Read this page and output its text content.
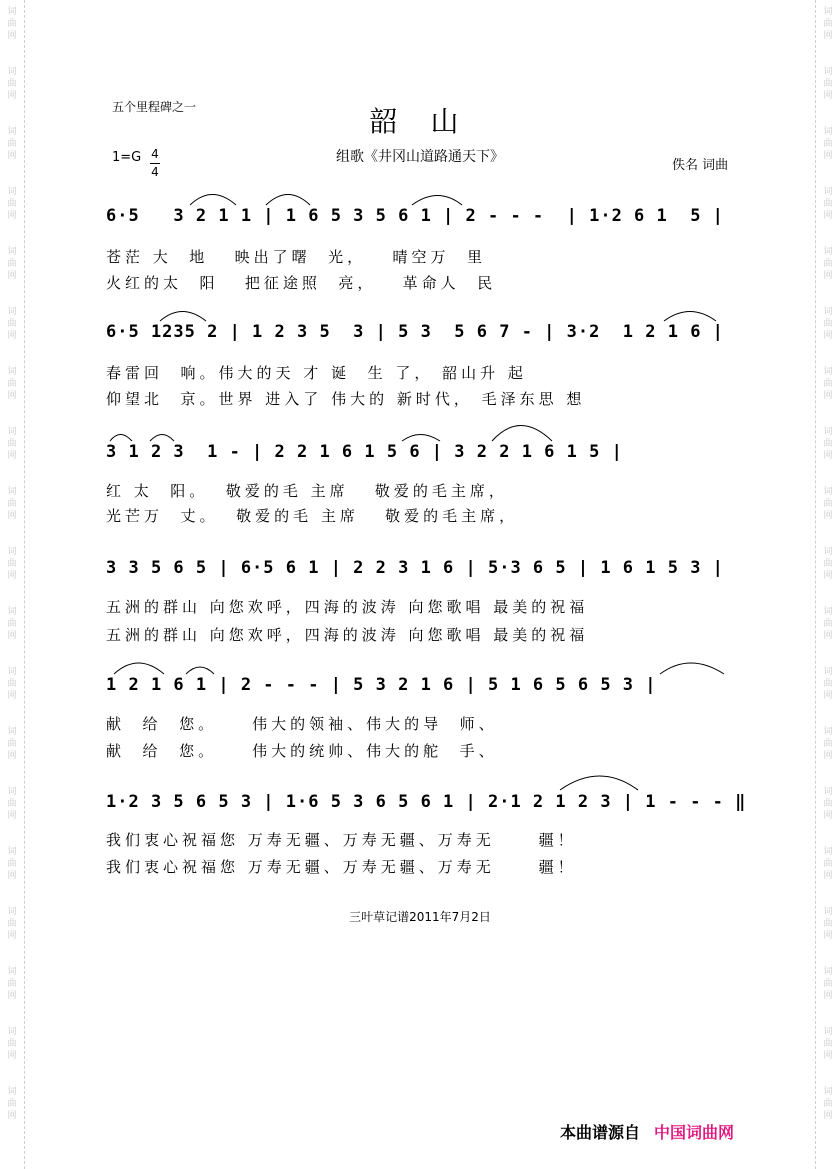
词曲网
词曲网
词曲网
词曲网
词曲网
词曲网
词曲网
词曲网
词曲网
词曲网
词曲网
词曲网
词曲网
词曲网
词曲网
词曲网
词曲网
词曲网
词曲网
词曲网
词曲网
词曲网
词曲网
词曲网
词曲网
词曲网
词曲网
词曲网
词曲网
词曲网
词曲网
词曲网
词曲网
词曲网
词曲网
词曲网
词曲网
词曲网
五个里程碑之一	韶 山
组歌《井冈山道路通天下》
1=G 4
4	佚名 词曲
6·5   3 2 1 1 | 1 6 5 3 5 6 1 | 2 - - -  | 1·2 6 1  5 |
苍茫 大  地   映出了曙  光，   晴空万  里
火红的太  阳   把征途照  亮，   革命人  民
6·5 1235 2 | 1 2 3 5  3 | 5 3  5 6 7 - | 3·2  1 2 1 6 |
春雷回  响。伟大的天 才 诞  生 了， 韶山升 起
仰望北  京。世界 进入了 伟大的 新时代， 毛泽东思 想
3 1 2 3  1 - | 2 2 1 6 1 5 6 | 3 2 2 1 6 1 5 |
红 太  阳。  敬爱的毛 主席   敬爱的毛主席，
光芒万  丈。  敬爱的毛 主席   敬爱的毛主席，
3 3 5 6 5 | 6·5 6 1 | 2 2 3 1 6 | 5·3 6 5 | 1 6 1 5 3 |
五洲的群山 向您欢呼，四海的波涛 向您歌唱 最美的祝福
五洲的群山 向您欢呼，四海的波涛 向您歌唱 最美的祝福
1 2 1 6 1 | 2 - - - | 5 3 2 1 6 | 5 1 6 5 6 5 3 |
献  给  您。    伟大的领袖、伟大的导  师、
献  给  您。    伟大的统帅、伟大的舵  手、
1·2 3 5 6 5 3 | 1·6 5 3 6 5 6 1 | 2·1 2 1 2 3 | 1 - - - ‖
我们衷心祝福您 万寿无疆、万寿无疆、万寿无     疆！
我们衷心祝福您 万寿无疆、万寿无疆、万寿无     疆！
三叶草记谱2011年7月2日
本曲谱源自 中国词曲网
